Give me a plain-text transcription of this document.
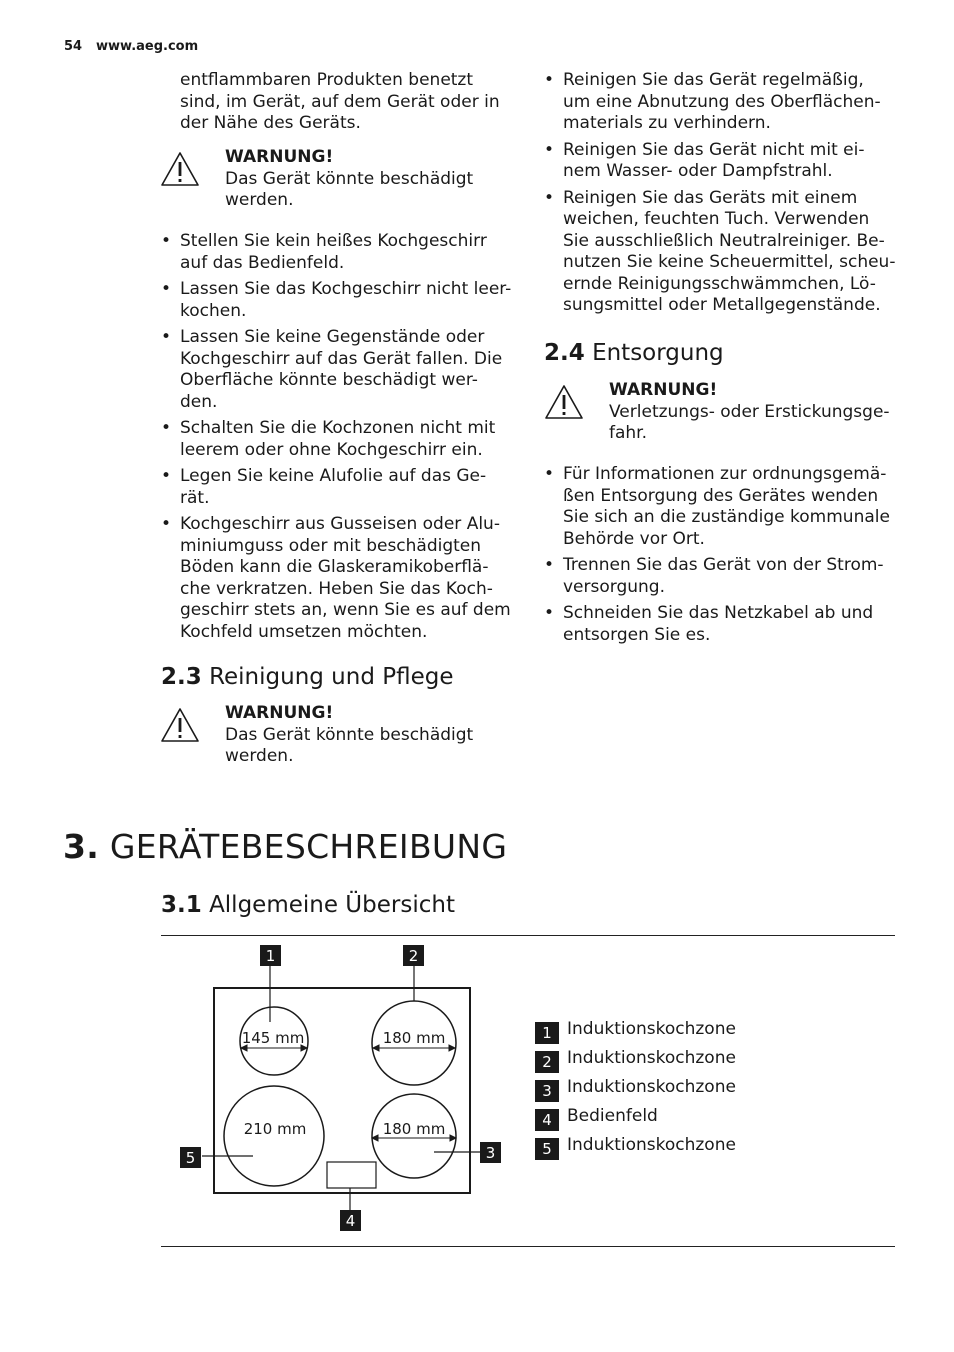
54 www.aeg.com
entflammbaren Produkten benetzt
sind, im Gerät, auf dem Gerät oder in
der Nähe des Geräts.
WARNUNG!
Das Gerät könnte beschädigt
werden.
• Stellen Sie kein heißes Kochgeschirr
auf das Bedienfeld.
• Lassen Sie das Kochgeschirr nicht leer-
kochen.
• Lassen Sie keine Gegenstände oder
Kochgeschirr auf das Gerät fallen. Die
Oberfläche könnte beschädigt wer-
den.
• Schalten Sie die Kochzonen nicht mit
leerem oder ohne Kochgeschirr ein.
• Legen Sie keine Alufolie auf das Ge-
rät.
• Kochgeschirr aus Gusseisen oder Alu-
miniumguss oder mit beschädigten
Böden kann die Glaskeramikoberflä-
che verkratzen. Heben Sie das Koch-
geschirr stets an, wenn Sie es auf dem
Kochfeld umsetzen möchten.
2.3 Reinigung und Pflege
WARNUNG!
Das Gerät könnte beschädigt
werden.
• Reinigen Sie das Gerät regelmäßig,
um eine Abnutzung des Oberflächen-
materials zu verhindern.
• Reinigen Sie das Gerät nicht mit ei-
nem Wasser- oder Dampfstrahl.
• Reinigen Sie das Geräts mit einem
weichen, feuchten Tuch. Verwenden
Sie ausschließlich Neutralreiniger. Be-
nutzen Sie keine Scheuermittel, scheu-
ernde Reinigungsschwämmchen, Lö-
sungsmittel oder Metallgegenstände.
2.4 Entsorgung
WARNUNG!
Verletzungs- oder Erstickungsge-
fahr.
• Für Informationen zur ordnungsgemä-
ßen Entsorgung des Gerätes wenden
Sie sich an die zuständige kommunale
Behörde vor Ort.
• Trennen Sie das Gerät von der Strom-
versorgung.
• Schneiden Sie das Netzkabel ab und
entsorgen Sie es.
3. GERÄTEBESCHREIBUNG
3.1 Allgemeine Übersicht
145 mm	180 mm
210 mm	180 mm
1	2
3
4
5
1 Induktionskochzone
2 Induktionskochzone
3 Induktionskochzone
4 Bedienfeld
5 Induktionskochzone
